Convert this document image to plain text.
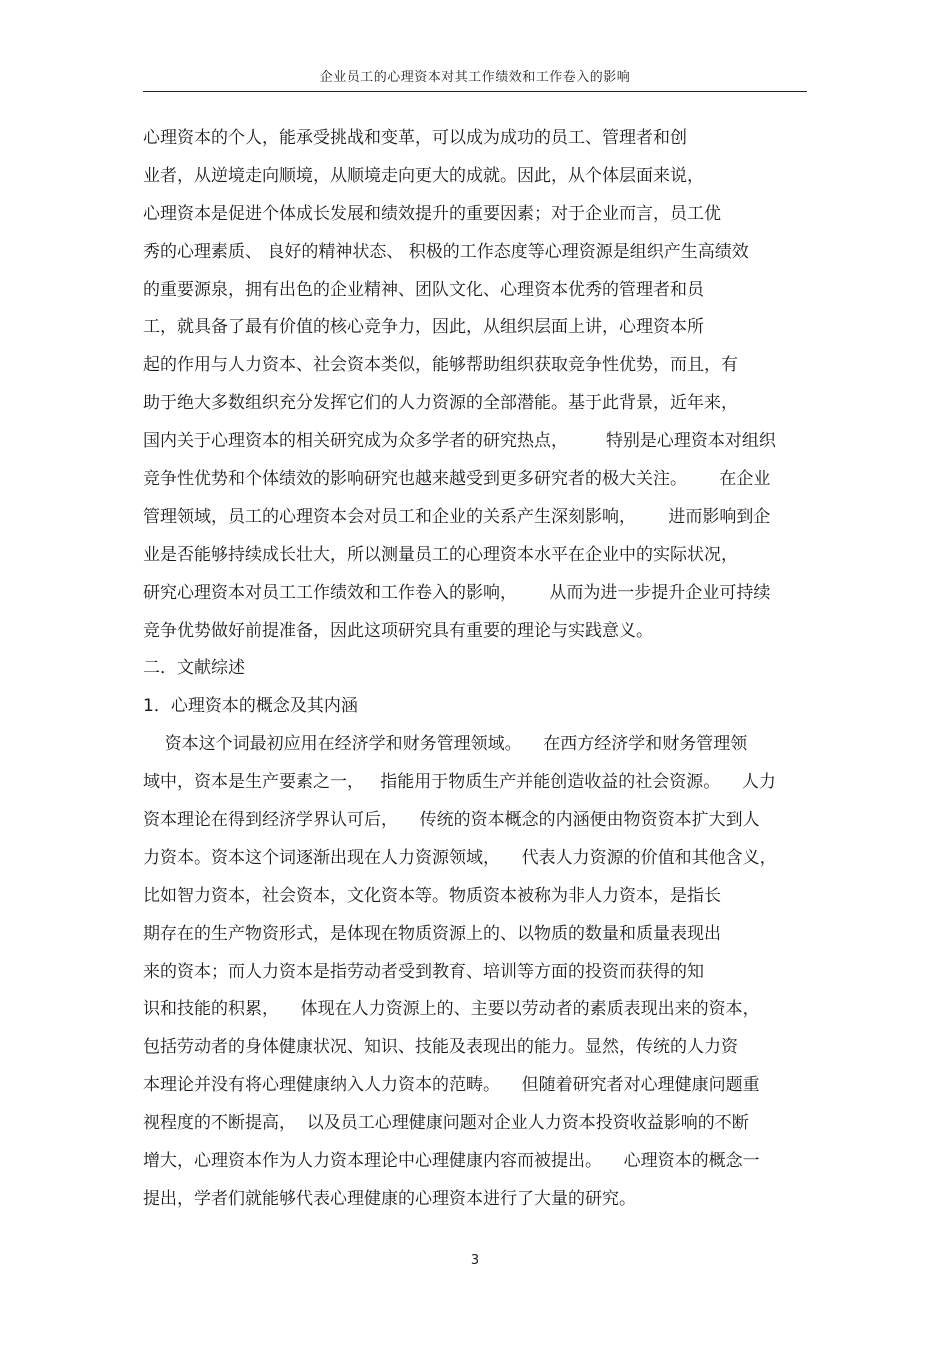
企业员工的心理资本对其工作绩效和工作卷入的影响
心理资本的个人，能承受挑战和变革，可以成为成功的员工、管理者和创
业者，从逆境走向顺境，从顺境走向更大的成就。因此，从个体层面来说，
心理资本是促进个体成长发展和绩效提升的重要因素；对于企业而言，员工优
秀的心理素质、 良好的精神状态、 积极的工作态度等心理资源是组织产生高绩效
的重要源泉，拥有出色的企业精神、团队文化、心理资本优秀的管理者和员
工，就具备了最有价值的核心竞争力，因此，从组织层面上讲，心理资本所
起的作用与人力资本、社会资本类似，能够帮助组织获取竞争性优势，而且，有
助于绝大多数组织充分发挥它们的人力资源的全部潜能。基于此背景，近年来，
国内关于心理资本的相关研究成为众多学者的研究热点，       特别是心理资本对组织
竞争性优势和个体绩效的影响研究也越来越受到更多研究者的极大关注。      在企业
管理领域，员工的心理资本会对员工和企业的关系产生深刻影响，      进而影响到企
业是否能够持续成长壮大，所以测量员工的心理资本水平在企业中的实际状况，
研究心理资本对员工工作绩效和工作卷入的影响，      从而为进一步提升企业可持续
竞争优势做好前提准备，因此这项研究具有重要的理论与实践意义。
二．文献综述
1．心理资本的概念及其内涵
资本这个词最初应用在经济学和财务管理领域。    在西方经济学和财务管理领
域中，资本是生产要素之一，   指能用于物质生产并能创造收益的社会资源。    人力
资本理论在得到经济学界认可后，    传统的资本概念的内涵便由物资资本扩大到人
力资本。资本这个词逐渐出现在人力资源领域，    代表人力资源的价值和其他含义，
比如智力资本，社会资本，文化资本等。物质资本被称为非人力资本，是指长
期存在的生产物资形式，是体现在物质资源上的、以物质的数量和质量表现出
来的资本；而人力资本是指劳动者受到教育、培训等方面的投资而获得的知
识和技能的积累，    体现在人力资源上的、主要以劳动者的素质表现出来的资本，
包括劳动者的身体健康状况、知识、技能及表现出的能力。显然，传统的人力资
本理论并没有将心理健康纳入人力资本的范畴。    但随着研究者对心理健康问题重
视程度的不断提高，  以及员工心理健康问题对企业人力资本投资收益影响的不断
增大，心理资本作为人力资本理论中心理健康内容而被提出。    心理资本的概念一
提出，学者们就能够代表心理健康的心理资本进行了大量的研究。
3
